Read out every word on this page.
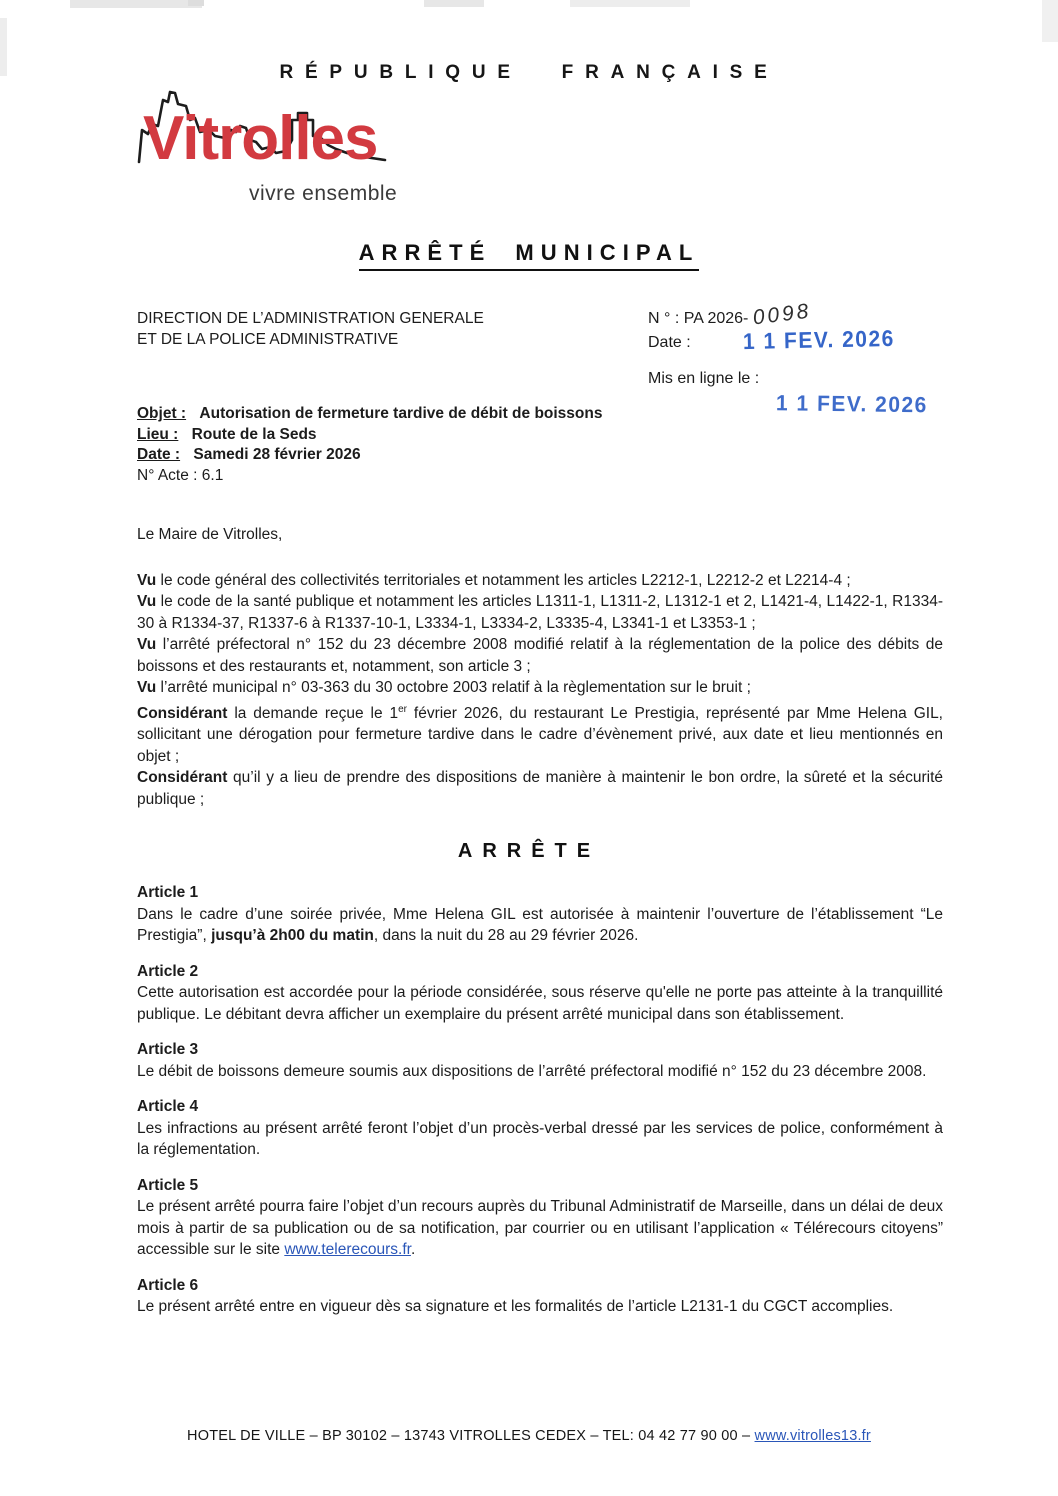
RÉPUBLIQUE FRANÇAISE
Vitrolles
vivre ensemble
ARRÊTÉ MUNICIPAL
DIRECTION DE L’ADMINISTRATION GENERALE
ET DE LA POLICE ADMINISTRATIVE
N ° : PA 2026- 0098
Date : 1 1 FEV. 2026
Mis en ligne le :
1 1 FEV. 2026

Objet : Autorisation de fermeture tardive de débit de boissons

Lieu : Route de la Seds

Date : Samedi 28 février 2026

N° Acte : 6.1

Le Maire de Vitrolles,

Vu le code général des collectivités territoriales et notamment les articles L2212-1, L2212-2 et L2214-4 ;

Vu le code de la santé publique et notamment les articles L1311-1, L1311-2, L1312-1 et 2, L1421-4, L1422-1, R1334-30 à R1334-37, R1337-6 à R1337-10-1, L3334-1, L3334-2, L3335-4, L3341-1 et L3353-1 ;

Vu l’arrêté préfectoral n° 152 du 23 décembre 2008 modifié relatif à la réglementation de la police des débits de boissons et des restaurants et, notamment, son article 3 ;

Vu l’arrêté municipal n° 03-363 du 30 octobre 2003 relatif à la règlementation sur le bruit ;

Considérant la demande reçue le 1er février 2026, du restaurant Le Prestigia, représenté par Mme Helena GIL, sollicitant une dérogation pour fermeture tardive dans le cadre d’évènement privé, aux date et lieu mentionnés en objet ;

Considérant qu’il y a lieu de prendre des dispositions de manière à maintenir le bon ordre, la sûreté et la sécurité publique ;

ARRÊTE

Article 1

Dans le cadre d’une soirée privée, Mme Helena GIL est autorisée à maintenir l’ouverture de l’établissement “Le Prestigia”, jusqu’à 2h00 du matin, dans la nuit du 28 au 29 février 2026.

Article 2

Cette autorisation est accordée pour la période considérée, sous réserve qu'elle ne porte pas atteinte à la tranquillité publique. Le débitant devra afficher un exemplaire du présent arrêté municipal dans son établissement.

Article 3

Le débit de boissons demeure soumis aux dispositions de l’arrêté préfectoral modifié n° 152 du 23 décembre 2008.

Article 4

Les infractions au présent arrêté feront l’objet d’un procès-verbal dressé par les services de police, conformément à la réglementation.

Article 5

Le présent arrêté pourra faire l’objet d’un recours auprès du Tribunal Administratif de Marseille, dans un délai de deux mois à partir de sa publication ou de sa notification, par courrier ou en utilisant l’application « Télérecours citoyens” accessible sur le site www.telerecours.fr.

Article 6

Le présent arrêté entre en vigueur dès sa signature et les formalités de l’article L2131-1 du CGCT accomplies.

HOTEL DE VILLE – BP 30102 – 13743 VITROLLES CEDEX – TEL: 04 42 77 90 00 – www.vitrolles13.fr
